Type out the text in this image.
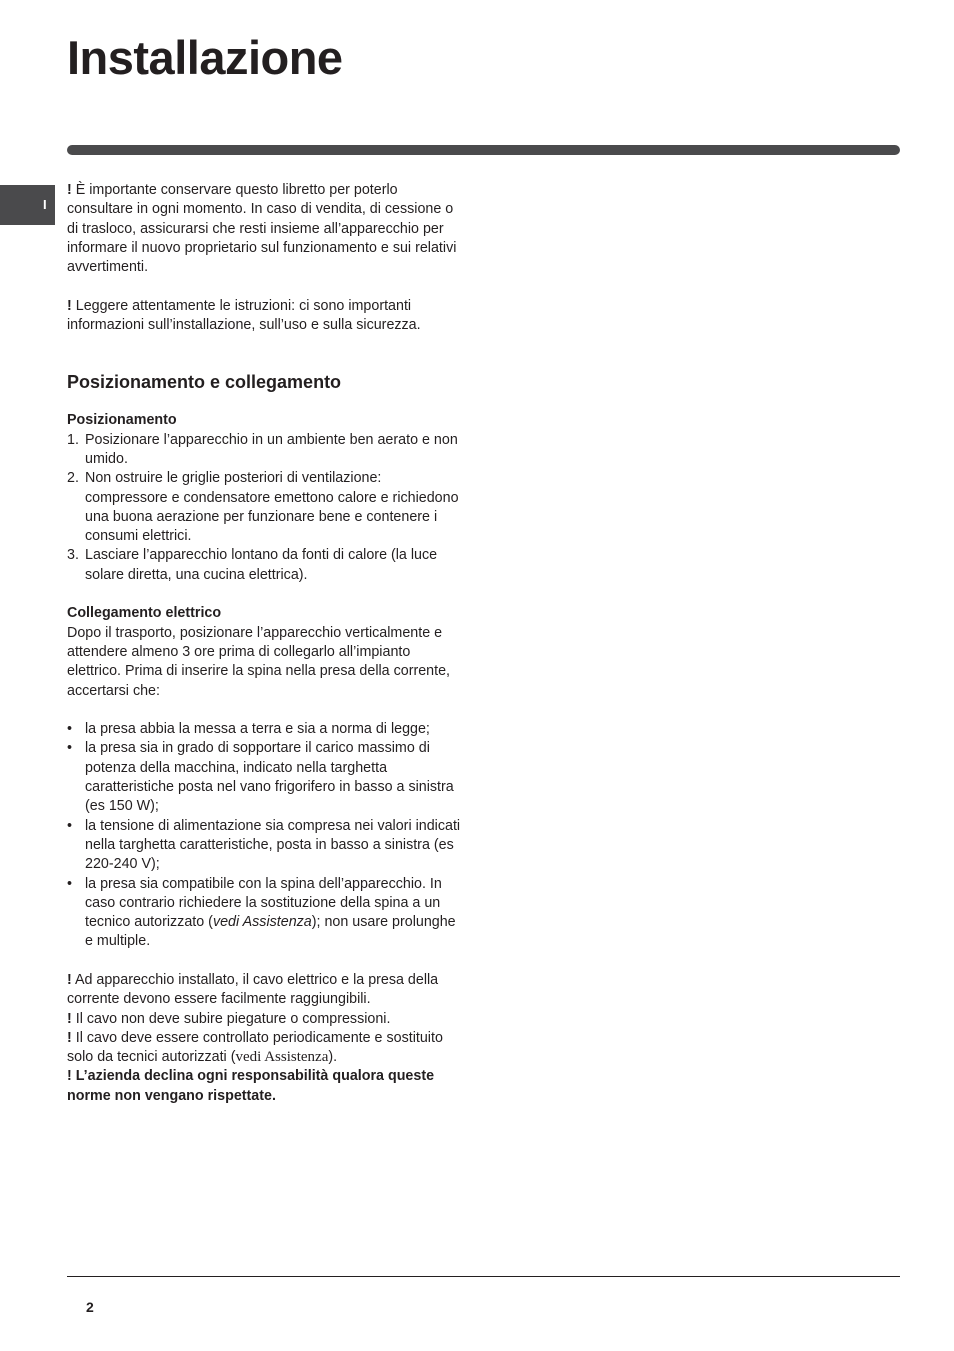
Installazione
I

! È importante conservare questo libretto per poterlo consultare in ogni momento. In caso di vendita, di cessione o di trasloco, assicurarsi che resti insieme all’apparecchio per informare il nuovo proprietario sul funzionamento e sui relativi avvertimenti.

! Leggere attentamente le istruzioni: ci sono importanti informazioni sull’installazione, sull’uso e sulla sicurezza.

Posizionamento e collegamento

Posizionamento

1. Posizionare l’apparecchio in un ambiente ben aerato e non umido.
2. Non ostruire le griglie posteriori di ventilazione: compressore e condensatore emettono calore e richiedono una buona aerazione per funzionare bene e contenere i consumi elettrici.
3. Lasciare l’apparecchio lontano da fonti di calore (la luce solare diretta, una cucina elettrica).

Collegamento elettrico

Dopo il trasporto, posizionare l’apparecchio verticalmente e attendere almeno 3 ore prima di collegarlo all’impianto elettrico. Prima di inserire la spina nella presa della corrente, accertarsi che:

• la presa abbia la messa a terra e sia a norma di legge;
• la presa sia in grado di sopportare il carico massimo di potenza della macchina, indicato nella targhetta caratteristiche posta nel vano frigorifero in basso a sinistra (es 150 W);
• la tensione di alimentazione sia compresa nei valori indicati nella targhetta caratteristiche, posta in basso a sinistra (es 220-240 V);
• la presa sia compatibile con la spina dell’apparecchio. In caso contrario richiedere la sostituzione della spina a un tecnico autorizzato (vedi Assistenza); non usare prolunghe e multiple.

! Ad apparecchio installato, il cavo elettrico e la presa della corrente devono essere facilmente raggiungibili.

! Il cavo non deve subire piegature o compressioni.

! Il cavo deve essere controllato periodicamente e sostituito solo da tecnici autorizzati (vedi Assistenza).

! L’azienda declina ogni responsabilità qualora queste norme non vengano rispettate.

2
